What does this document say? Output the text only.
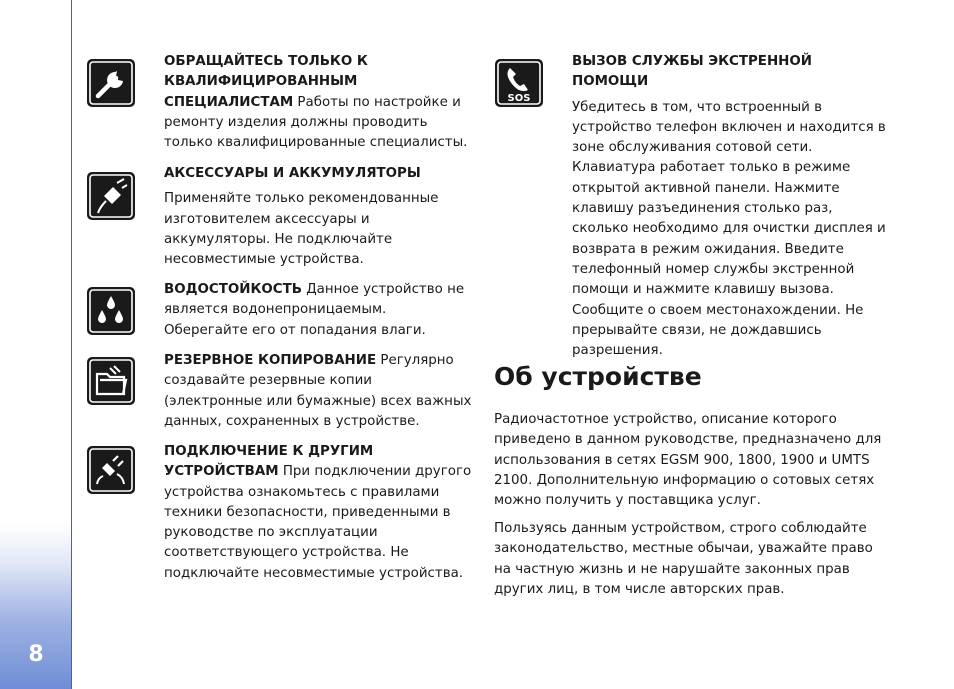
8
ОБРАЩАЙТЕСЬ ТОЛЬКО К КВАЛИФИЦИРОВАННЫМ СПЕЦИАЛИСТАМ Работы по настройке и ремонту изделия должны проводить только квалифицированные специалисты.
АКСЕССУАРЫ И АККУМУЛЯТОРЫ
Применяйте только рекомендованные изготовителем аксессуары и аккумуляторы. Не подключайте несовместимые устройства.
ВОДОСТОЙКОСТЬ Данное устройство не является водонепроницаемым. Оберегайте его от попадания влаги.
РЕЗЕРВНОЕ КОПИРОВАНИЕ Регулярно создавайте резервные копии (электронные или бумажные) всех важных данных, сохраненных в устройстве.
ПОДКЛЮЧЕНИЕ К ДРУГИМ УСТРОЙСТВАМ При подключении другого устройства ознакомьтесь с правилами техники безопасности, приведенными в руководстве по эксплуатации соответствующего устройства. Не подключайте несовместимые устройства.
SOS
ВЫЗОВ СЛУЖБЫ ЭКСТРЕННОЙ ПОМОЩИ
Убедитесь в том, что встроенный в устройство телефон включен и находится в зоне обслуживания сотовой сети. Клавиатура работает только в режиме открытой активной панели. Нажмите клавишу разъединения столько раз, сколько необходимо для очистки дисплея и возврата в режим ожидания. Введите телефонный номер службы экстренной помощи и нажмите клавишу вызова. Сообщите о своем местонахождении. Не прерывайте связи, не дождавшись разрешения.
Об устройстве
Радиочастотное устройство, описание которого приведено в данном руководстве, предназначено для использования в сетях EGSM 900, 1800, 1900 и UMTS 2100. Дополнительную информацию о сотовых сетях можно получить у поставщика услуг.
Пользуясь данным устройством, строго соблюдайте законодательство, местные обычаи, уважайте право на частную жизнь и не нарушайте законных прав других лиц, в том числе авторских прав.
